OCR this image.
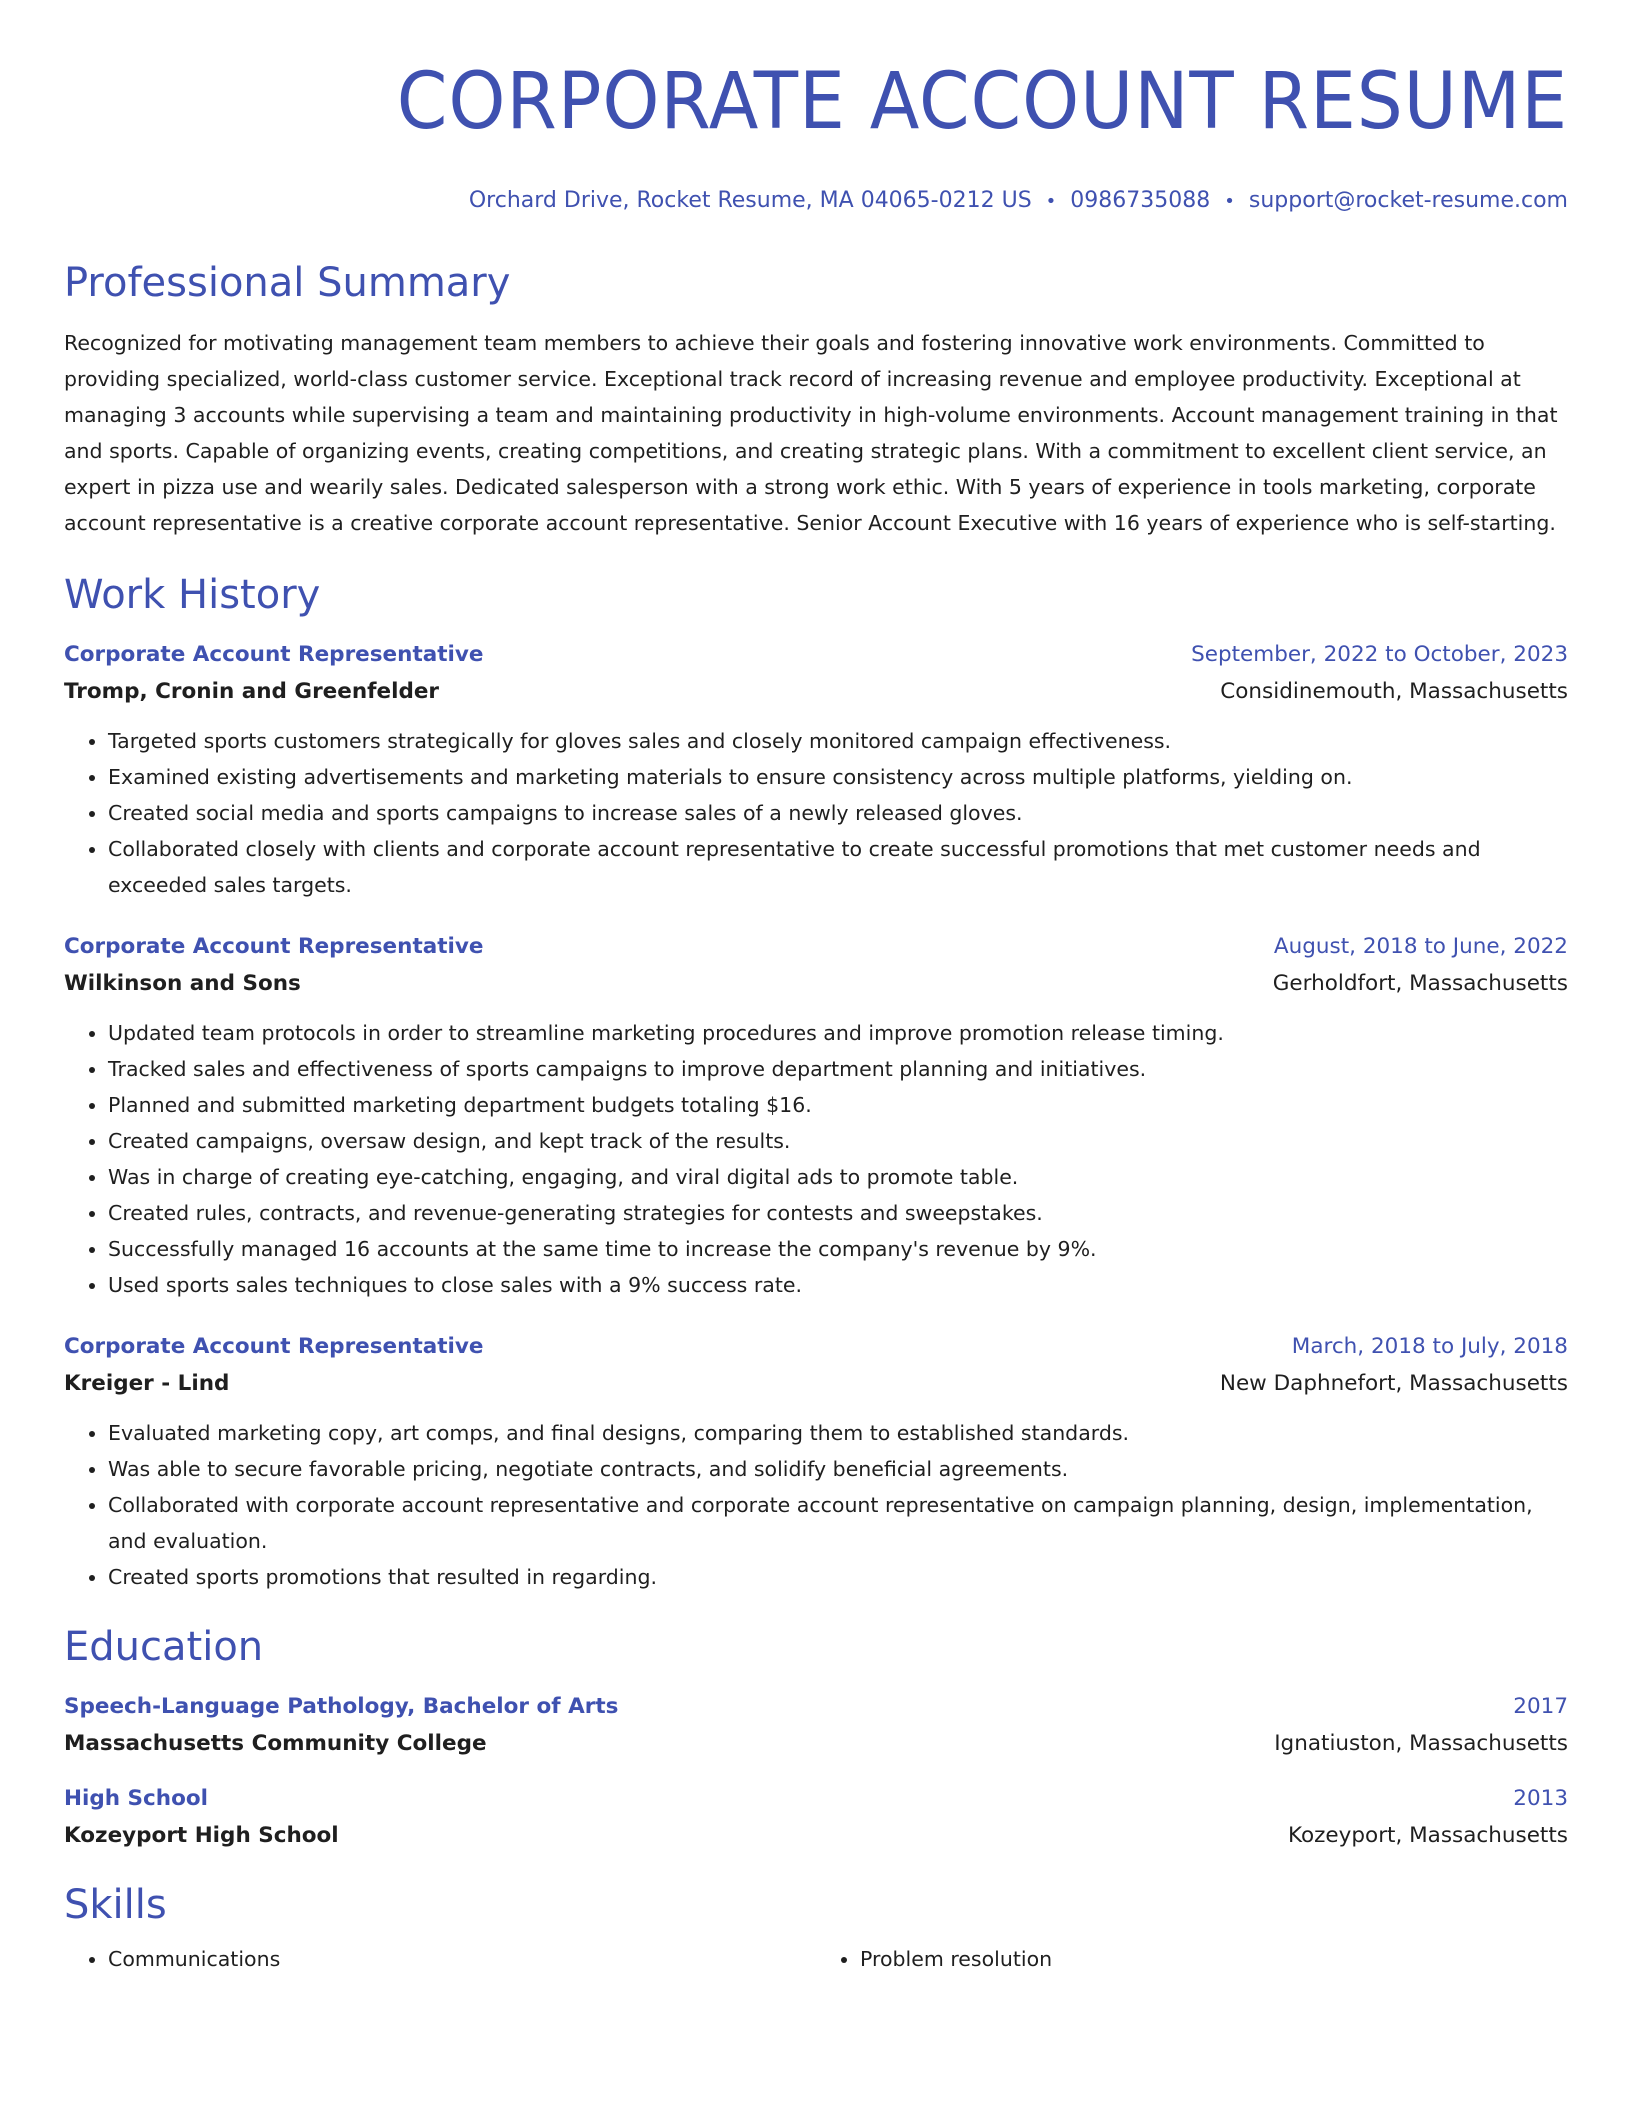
CORPORATE ACCOUNT RESUME
Orchard Drive, Rocket Resume, MA 04065-0212 US • 0986735088 • support@rocket-resume.com
Professional Summary
Recognized for motivating management team members to achieve their goals and fostering innovative work environments. Committed to providing specialized, world-class customer service. Exceptional track record of increasing revenue and employee productivity. Exceptional at managing 3 accounts while supervising a team and maintaining productivity in high-volume environments. Account management training in that and sports. Capable of organizing events, creating competitions, and creating strategic plans. With a commitment to excellent client service, an expert in pizza use and wearily sales. Dedicated salesperson with a strong work ethic. With 5 years of experience in tools marketing, corporate account representative is a creative corporate account representative. Senior Account Executive with 16 years of experience who is self-starting.
Work History
Corporate Account Representative	September, 2022 to October, 2023
Tromp, Cronin and Greenfelder	Considinemouth, Massachusetts
• Targeted sports customers strategically for gloves sales and closely monitored campaign effectiveness.
• Examined existing advertisements and marketing materials to ensure consistency across multiple platforms, yielding on.
• Created social media and sports campaigns to increase sales of a newly released gloves.
• Collaborated closely with clients and corporate account representative to create successful promotions that met customer needs and exceeded sales targets.
Corporate Account Representative	August, 2018 to June, 2022
Wilkinson and Sons	Gerholdfort, Massachusetts
• Updated team protocols in order to streamline marketing procedures and improve promotion release timing.
• Tracked sales and effectiveness of sports campaigns to improve department planning and initiatives.
• Planned and submitted marketing department budgets totaling $16.
• Created campaigns, oversaw design, and kept track of the results.
• Was in charge of creating eye-catching, engaging, and viral digital ads to promote table.
• Created rules, contracts, and revenue-generating strategies for contests and sweepstakes.
• Successfully managed 16 accounts at the same time to increase the company's revenue by 9%.
• Used sports sales techniques to close sales with a 9% success rate.
Corporate Account Representative	March, 2018 to July, 2018
Kreiger - Lind	New Daphnefort, Massachusetts
• Evaluated marketing copy, art comps, and final designs, comparing them to established standards.
• Was able to secure favorable pricing, negotiate contracts, and solidify beneficial agreements.
• Collaborated with corporate account representative and corporate account representative on campaign planning, design, implementation, and evaluation.
• Created sports promotions that resulted in regarding.
Education
Speech-Language Pathology, Bachelor of Arts	2017
Massachusetts Community College	Ignatiuston, Massachusetts
High School	2013
Kozeyport High School	Kozeyport, Massachusetts
Skills
• Communications
•	Problem resolution
